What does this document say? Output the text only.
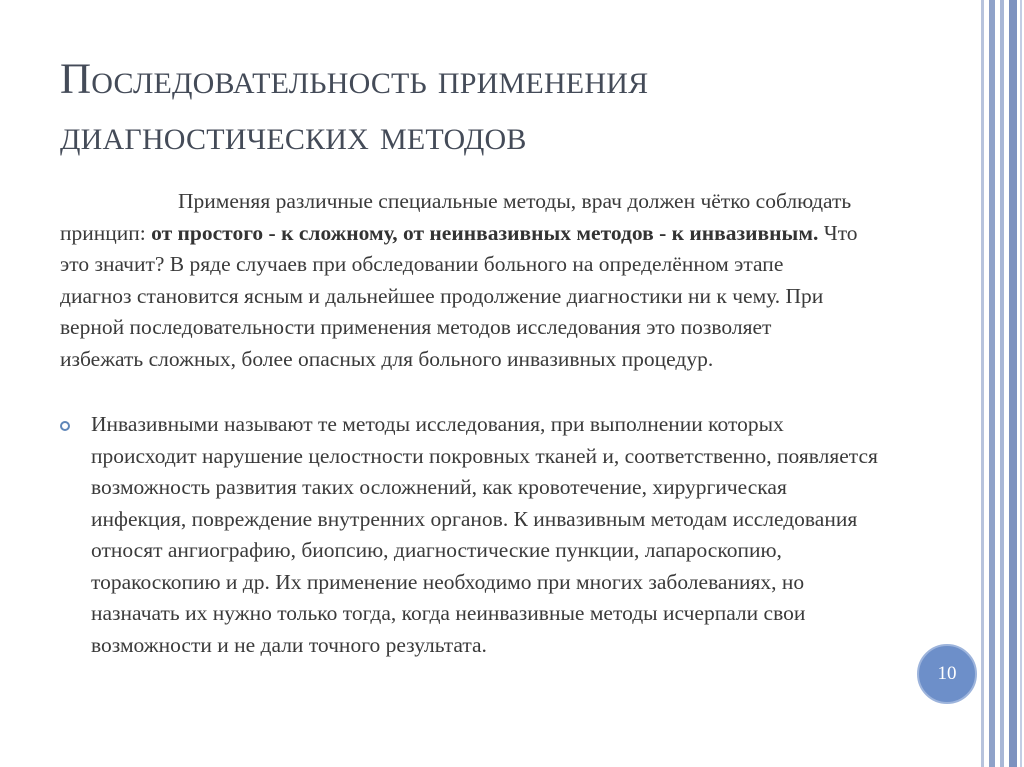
Последовательность применения
диагностических методов

Применяя различные специальные методы, врач должен чётко соблюдать принцип: от простого - к сложному, от неинвазивных методов - к инвазивным. Что это значит? В ряде случаев при обследовании больного на определённом этапе диагноз становится ясным и дальнейшее продолжение диагностики ни к чему. При верной последовательности применения методов исследования это позволяет избежать сложных, более опасных для больного инвазивных процедур.

Инвазивными называют те методы исследования, при выполнении которых происходит нарушение целостности покровных тканей и, соответственно, появляется возможность развития таких осложнений, как кровотечение, хирургическая инфекция, повреждение внутренних органов. К инвазивным методам исследования относят ангиографию, биопсию, диагностические пункции, лапароскопию, торакоскопию и др. Их применение необходимо при многих заболеваниях, но назначать их нужно только тогда, когда неинвазивные методы исчерпали свои возможности и не дали точного результата.
10
